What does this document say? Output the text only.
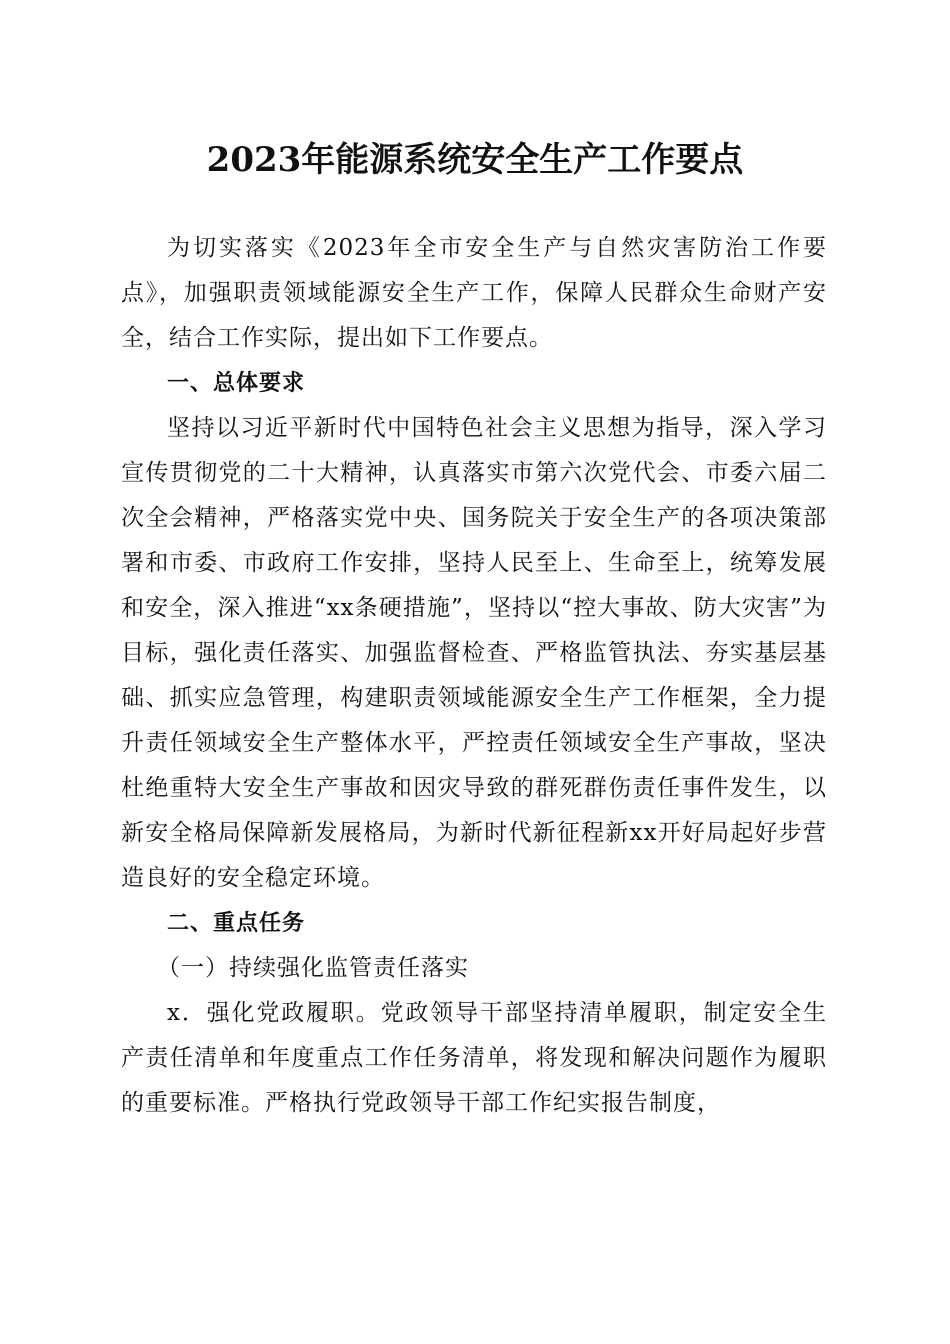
2023年能源系统安全生产工作要点

为切实落实《2023年全市安全生产与自然灾害防治工作要点》，加强职责领域能源安全生产工作，保障人民群众生命财产安全，结合工作实际，提出如下工作要点。

一、总体要求

坚持以习近平新时代中国特色社会主义思想为指导，深入学习宣传贯彻党的二十大精神，认真落实市第六次党代会、市委六届二次全会精神，严格落实党中央、国务院关于安全生产的各项决策部署和市委、市政府工作安排，坚持人民至上、生命至上，统筹发展和安全，深入推进“xx条硬措施”，坚持以“控大事故、防大灾害”为目标，强化责任落实、加强监督检查、严格监管执法、夯实基层基础、抓实应急管理，构建职责领域能源安全生产工作框架，全力提升责任领域安全生产整体水平，严控责任领域安全生产事故，坚决杜绝重特大安全生产事故和因灾导致的群死群伤责任事件发生，以新安全格局保障新发展格局，为新时代新征程新xx开好局起好步营造良好的安全稳定环境。

二、重点任务
（一）持续强化监管责任落实

x．强化党政履职。党政领导干部坚持清单履职，制定安全生产责任清单和年度重点工作任务清单，将发现和解决问题作为履职的重要标准。严格执行党政领导干部工作纪实报告制度，
